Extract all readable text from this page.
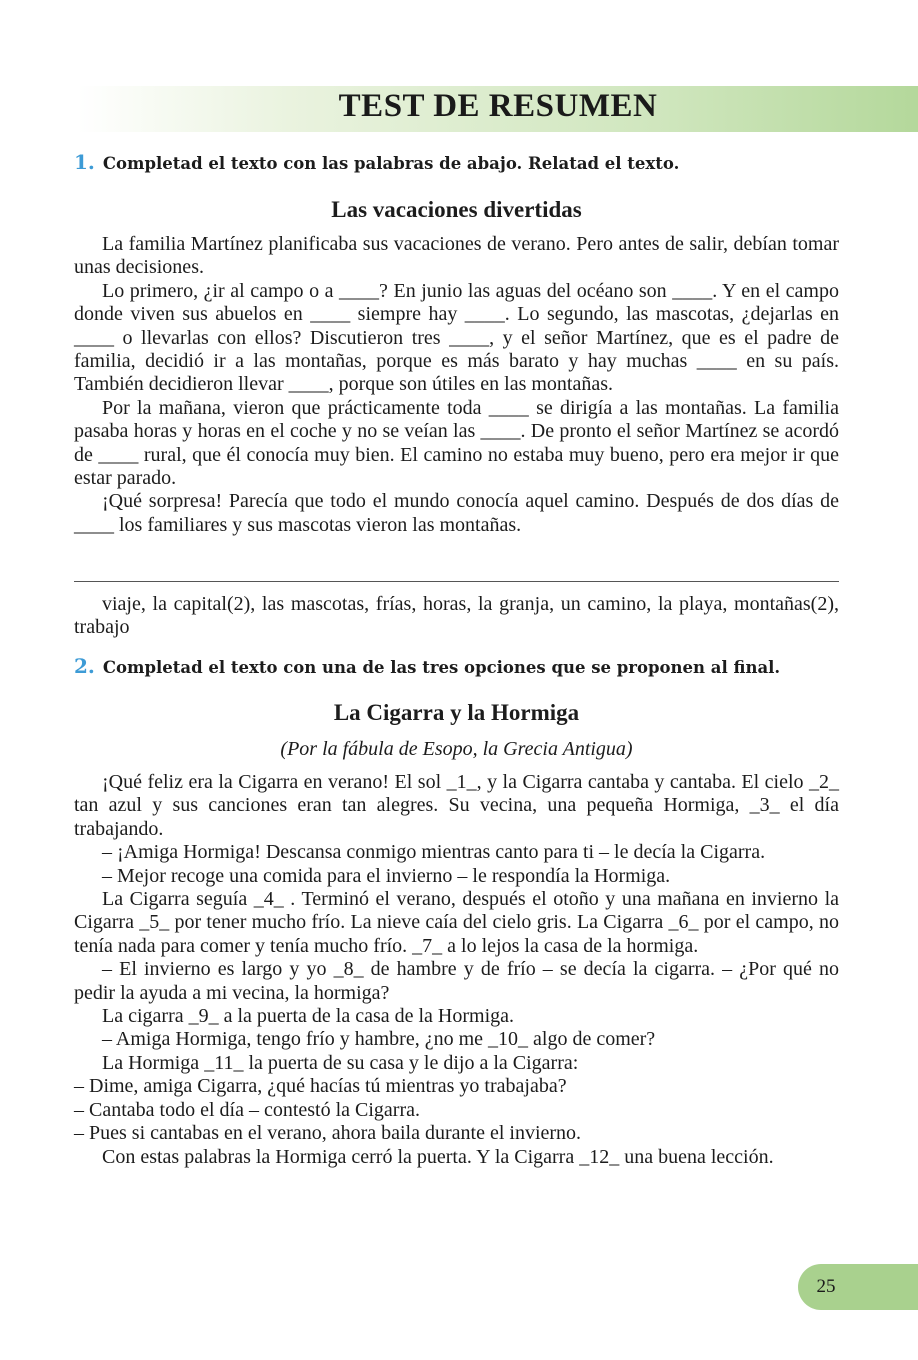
TEST DE RESUMEN
1. Completad el texto con las palabras de abajo. Relatad el texto.
Las vacaciones divertidas

La familia Martínez planificaba sus vacaciones de verano. Pero antes de salir, debían tomar unas decisiones.

Lo primero, ¿ir al campo o a ____? En junio las aguas del océano son ____. Y en el campo donde viven sus abuelos en ____ siempre hay ____. Lo segundo, las mascotas, ¿dejarlas en ____ o llevarlas con ellos? Discutieron tres ____, y el señor Martínez, que es el padre de familia, decidió ir a las montañas, porque es más barato y hay muchas ____ en su país. También decidieron llevar ____, porque son útiles en las montañas.

Por la mañana, vieron que prácticamente toda ____ se dirigía a las montañas. La familia pasaba horas y horas en el coche y no se veían las ____. De pronto el señor Martínez se acordó de ____ rural, que él conocía muy bien. El camino no estaba muy bueno, pero era mejor ir que estar parado.

¡Qué sorpresa! Parecía que todo el mundo conocía aquel camino. Después de dos días de ____ los familiares y sus mascotas vieron las montañas.

viaje, la capital(2), las mascotas, frías, horas, la granja, un camino, la playa, montañas(2), trabajo

2. Completad el texto con una de las tres opciones que se proponen al final.
La Cigarra y la Hormiga
(Por la fábula de Esopo, la Grecia Antigua)

¡Qué feliz era la Cigarra en verano! El sol _1_, y la Cigarra cantaba y cantaba. El cielo _2_ tan azul y sus canciones eran tan alegres. Su vecina, una pequeña Hormiga, _3_ el día trabajando.

– ¡Amiga Hormiga! Descansa conmigo mientras canto para ti – le decía la Cigarra.

– Mejor recoge una comida para el invierno – le respondía la Hormiga.

La Cigarra seguía _4_ . Terminó el verano, después el otoño y una mañana en invierno la Cigarra _5_ por tener mucho frío. La nieve caía del cielo gris. La Cigarra _6_ por el campo, no tenía nada para comer y tenía mucho frío. _7_ a lo lejos la casa de la hormiga.

– El invierno es largo y yo _8_ de hambre y de frío – se decía la cigarra. – ¿Por qué no pedir la ayuda a mi vecina, la hormiga?

La cigarra _9_ a la puerta de la casa de la Hormiga.

– Amiga Hormiga, tengo frío y hambre, ¿no me _10_ algo de comer?

La Hormiga _11_ la puerta de su casa y le dijo a la Cigarra:

– Dime, amiga Cigarra, ¿qué hacías tú mientras yo trabajaba?

– Cantaba todo el día – contestó la Cigarra.

– Pues si cantabas en el verano, ahora baila durante el invierno.

Con estas palabras la Hormiga cerró la puerta. Y la Cigarra _12_ una buena lección.

25
